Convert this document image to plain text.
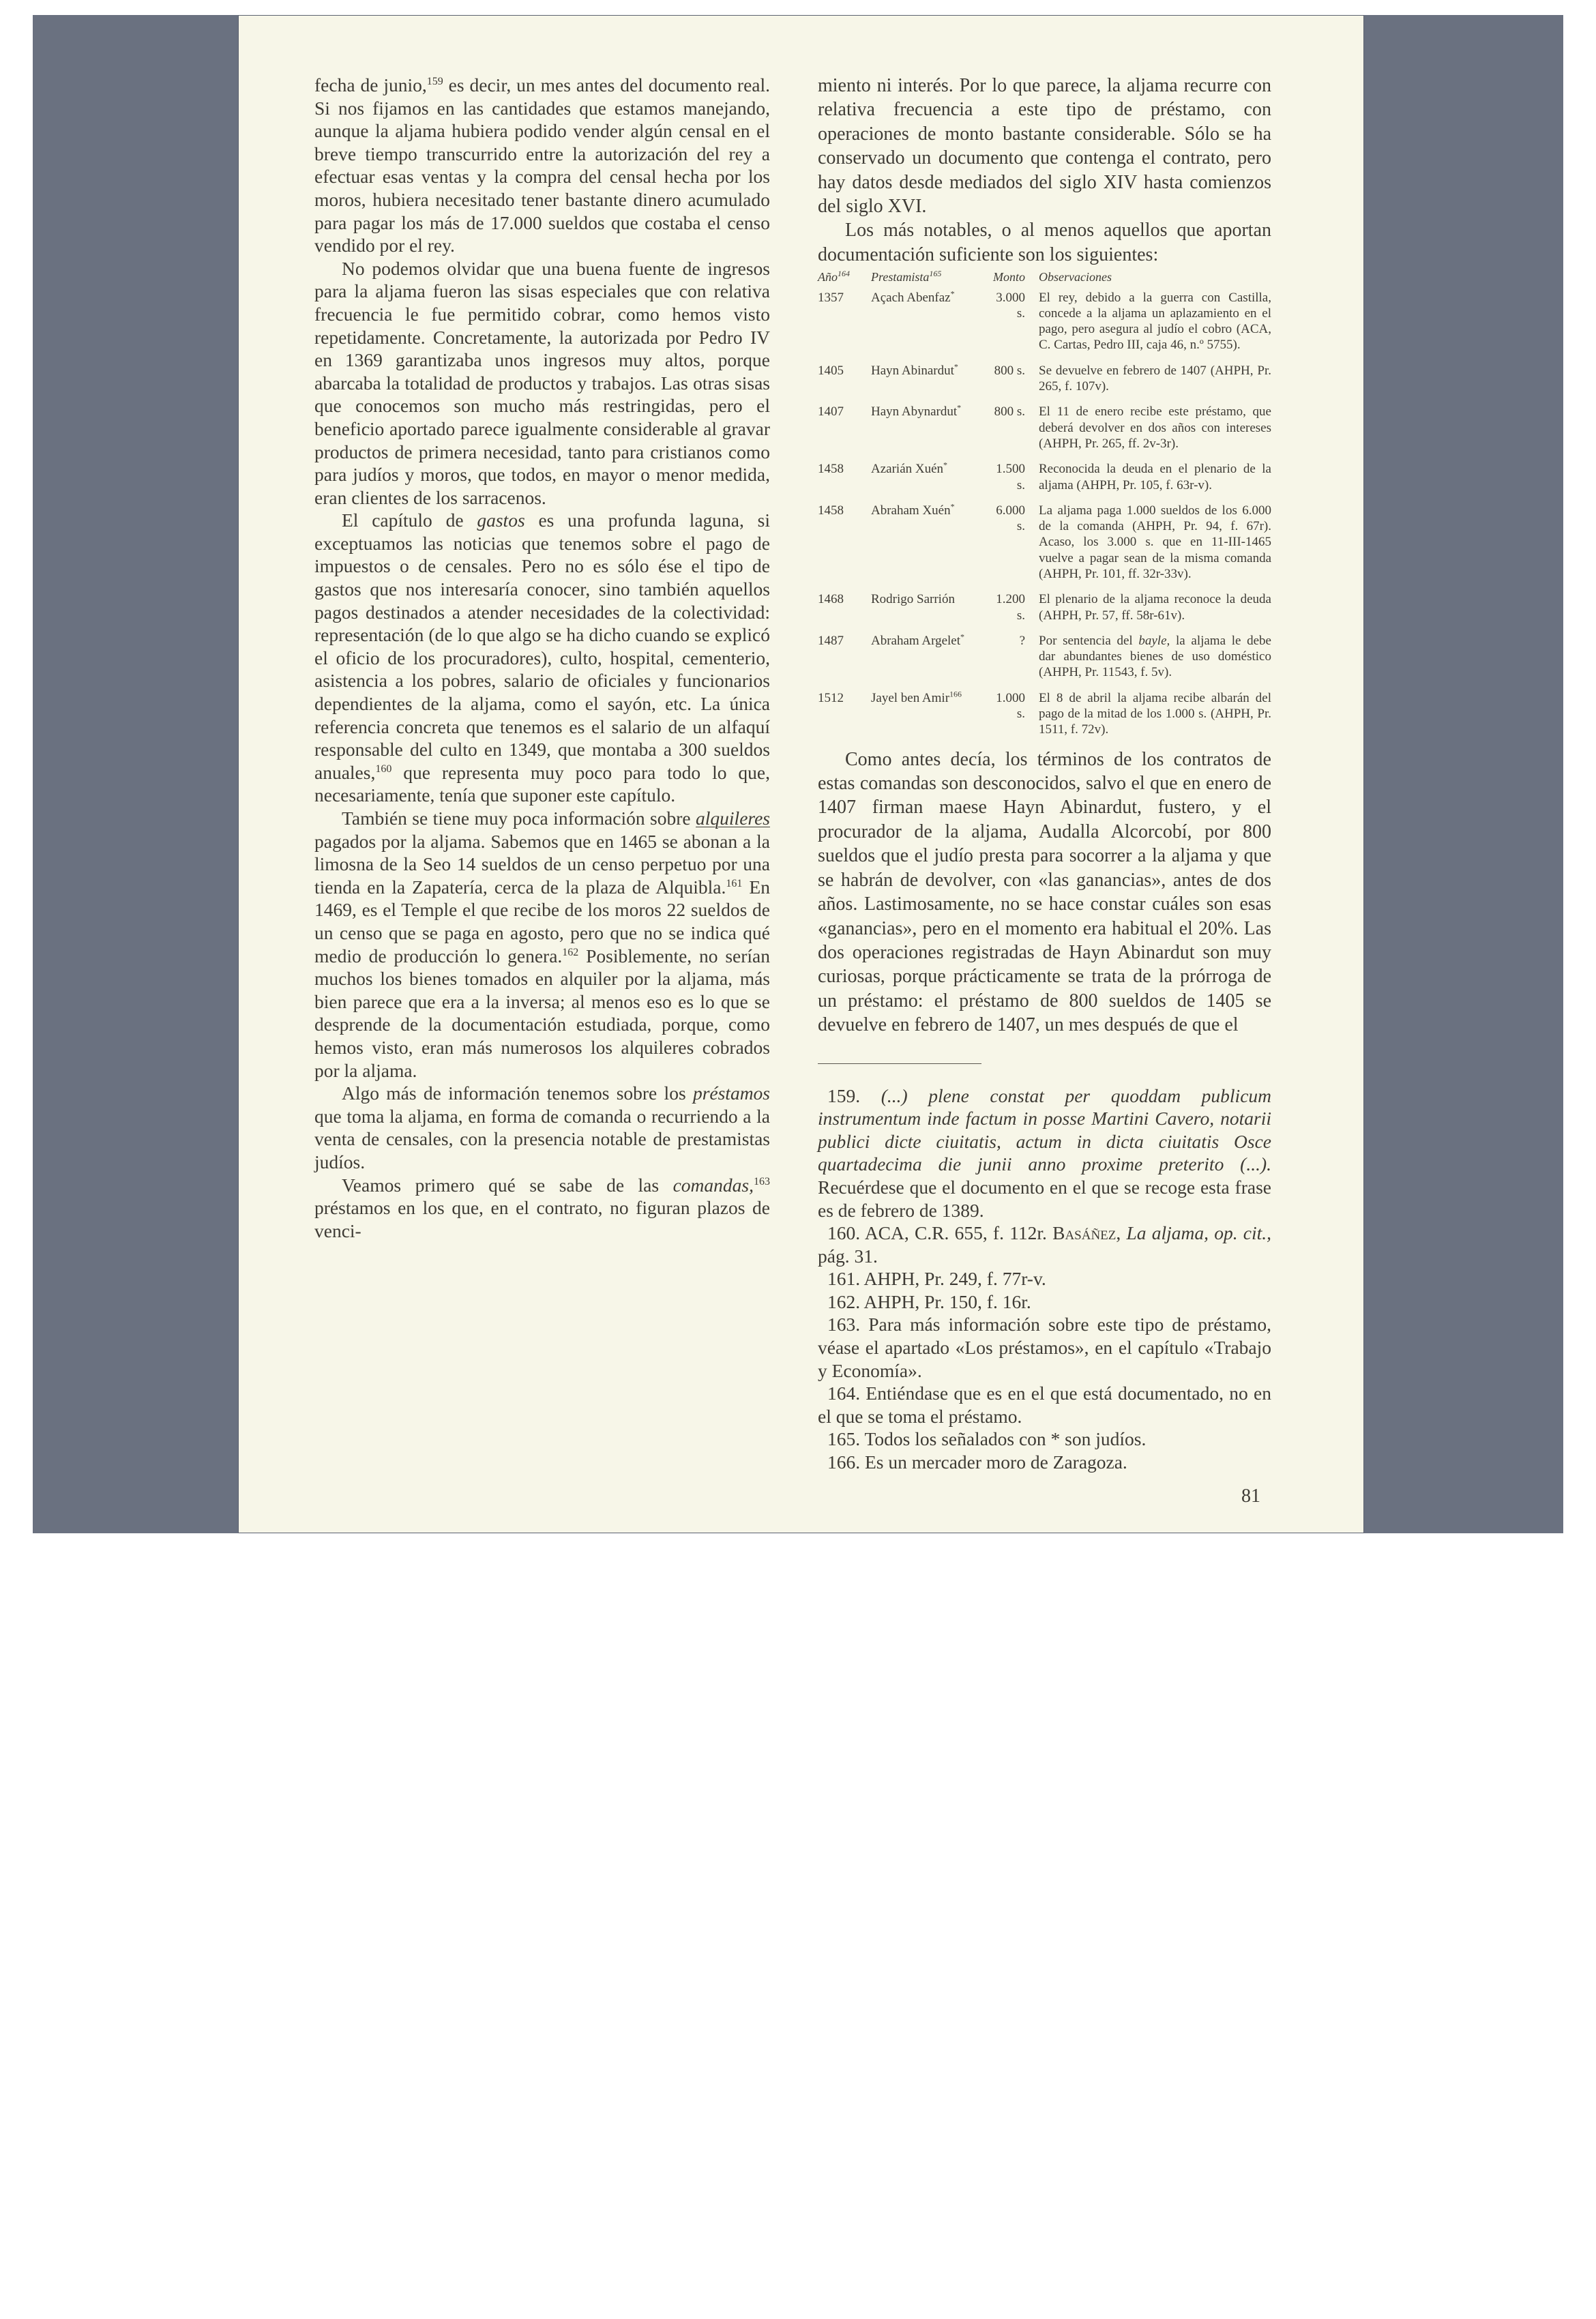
fecha de junio,$^{159}$ es decir, un mes antes del documento real. Si nos fijamos en las cantidades que estamos manejando, aunque la aljama hubiera podido vender algún censal en el breve tiempo transcurrido entre la autorización del rey a efectuar esas ventas y la compra del censal hecha por los moros, hubiera necesitado tener bastante dinero acumulado para pagar los más de 17.000 sueldos que costaba el censo vendido por el rey.

No podemos olvidar que una buena fuente de ingresos para la aljama fueron las sisas especiales que con relativa frecuencia le fue permitido cobrar, como hemos visto repetidamente. Concretamente, la autorizada por Pedro IV en 1369 garantizaba unos ingresos muy altos, porque abarcaba la totalidad de productos y trabajos. Las otras sisas que conocemos son mucho más restringidas, pero el beneficio aportado parece igualmente considerable al gravar productos de primera necesidad, tanto para cristianos como para judíos y moros, que todos, en mayor o menor medida, eran clientes de los sarracenos.

El capítulo de gastos es una profunda laguna, si exceptuamos las noticias que tenemos sobre el pago de impuestos o de censales. Pero no es sólo ése el tipo de gastos que nos interesaría conocer, sino también aquellos pagos destinados a atender necesidades de la colectividad: representación (de lo que algo se ha dicho cuando se explicó el oficio de los procuradores), culto, hospital, cementerio, asistencia a los pobres, salario de oficiales y funcionarios dependientes de la aljama, como el sayón, etc. La única referencia concreta que tenemos es el salario de un alfaquí responsable del culto en 1349, que montaba a 300 sueldos anuales,$^{160}$ que representa muy poco para todo lo que, necesariamente, tenía que suponer este capítulo.

También se tiene muy poca información sobre alquileres pagados por la aljama. Sabemos que en 1465 se abonan a la limosna de la Seo 14 sueldos de un censo perpetuo por una tienda en la Zapatería, cerca de la plaza de Alquibla.$^{161}$ En 1469, es el Temple el que recibe de los moros 22 sueldos de un censo que se paga en agosto, pero que no se indica qué medio de producción lo genera.$^{162}$ Posiblemente, no serían muchos los bienes tomados en alquiler por la aljama, más bien parece que era a la inversa; al menos eso es lo que se desprende de la documentación estudiada, porque, como hemos visto, eran más numerosos los alquileres cobrados por la aljama.

Algo más de información tenemos sobre los préstamos que toma la aljama, en forma de comanda o recurriendo a la venta de censales, con la presencia notable de prestamistas judíos.

Veamos primero qué se sabe de las comandas,$^{163}$ préstamos en los que, en el contrato, no figuran plazos de venci-

miento ni interés. Por lo que parece, la aljama recurre con relativa frecuencia a este tipo de préstamo, con operaciones de monto bastante considerable. Sólo se ha conservado un documento que contenga el contrato, pero hay datos desde mediados del siglo XIV hasta comienzos del siglo XVI.

Los más notables, o al menos aquellos que aportan documentación suficiente son los siguientes:

Año$^{164}$	Prestamista$^{165}$	Monto	Observaciones
1357	Açach Abenfaz*	3.000 s.	El rey, debido a la guerra con Castilla, concede a la aljama un aplazamiento en el pago, pero asegura al judío el cobro (ACA, C. Cartas, Pedro III, caja 46, n.º 5755).
1405	Hayn Abinardut*	800 s.	Se devuelve en febrero de 1407 (AHPH, Pr. 265, f. 107v).
1407	Hayn Abynardut*	800 s.	El 11 de enero recibe este préstamo, que deberá devolver en dos años con intereses (AHPH, Pr. 265, ff. 2v-3r).
1458	Azarián Xuén*	1.500 s.	Reconocida la deuda en el plenario de la aljama (AHPH, Pr. 105, f. 63r-v).
1458	Abraham Xuén*	6.000 s.	La aljama paga 1.000 sueldos de los 6.000 de la comanda (AHPH, Pr. 94, f. 67r). Acaso, los 3.000 s. que en 11-III-1465 vuelve a pagar sean de la misma comanda (AHPH, Pr. 101, ff. 32r-33v).
1468	Rodrigo Sarrión	1.200 s.	El plenario de la aljama reconoce la deuda (AHPH, Pr. 57, ff. 58r-61v).
1487	Abraham Argelet*	?	Por sentencia del bayle, la aljama le debe dar abundantes bienes de uso doméstico (AHPH, Pr. 11543, f. 5v).
1512	Jayel ben Amir$^{166}$	1.000 s.	El 8 de abril la aljama recibe albarán del pago de la mitad de los 1.000 s. (AHPH, Pr. 1511, f. 72v).

Como antes decía, los términos de los contratos de estas comandas son desconocidos, salvo el que en enero de 1407 firman maese Hayn Abinardut, fustero, y el procurador de la aljama, Audalla Alcorcobí, por 800 sueldos que el judío presta para socorrer a la aljama y que se habrán de devolver, con «las ganancias», antes de dos años. Lastimosamente, no se hace constar cuáles son esas «ganancias», pero en el momento era habitual el 20%. Las dos operaciones registradas de Hayn Abinardut son muy curiosas, porque prácticamente se trata de la prórroga de un préstamo: el préstamo de 800 sueldos de 1405 se devuelve en febrero de 1407, un mes después de que el

159. (...) plene constat per quoddam publicum instrumentum inde factum in posse Martini Cavero, notarii publici dicte ciuitatis, actum in dicta ciuitatis Osce quartadecima die junii anno proxime preterito (...). Recuérdese que el documento en el que se recoge esta frase es de febrero de 1389.

160. ACA, C.R. 655, f. 112r. Basáñez, La aljama, op. cit., pág. 31.

161. AHPH, Pr. 249, f. 77r-v.

162. AHPH, Pr. 150, f. 16r.

163. Para más información sobre este tipo de préstamo, véase el apartado «Los préstamos», en el capítulo «Trabajo y Economía».

164. Entiéndase que es en el que está documentado, no en el que se toma el préstamo.

165. Todos los señalados con * son judíos.

166. Es un mercader moro de Zaragoza.

81
